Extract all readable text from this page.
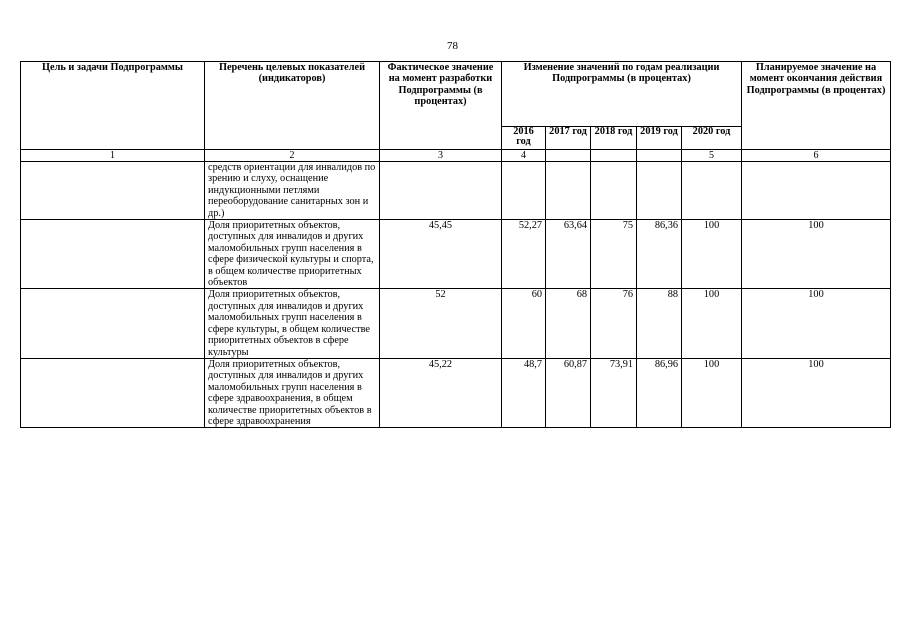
78
Цель и задачи Подпрограммы	Перечень целевых показателей (индикаторов)	Фактическое значение на момент разработки Подпрограммы (в процентах)	Изменение значений по годам реализации Подпрограммы (в процентах)					Планируемое значение на момент окончания действия Подпрограммы (в процентах)
			2016 год	2017 год	2018 год	2019 год	2020 год	
1	2	3	4				5	6
	средств ориентации для инвалидов по зрению и слуху, оснащение индукционными петлями переоборудование санитарных зон и др.)							
	Доля приоритетных объектов, доступных для инвалидов и других маломобильных групп населения в сфере физической культуры и спорта, в общем количестве приоритетных объектов	45,45	52,27	63,64	75	86,36	100	100
	Доля приоритетных объектов, доступных для инвалидов и других маломобильных групп населения в сфере культуры, в общем количестве приоритетных объектов в сфере культуры	52	60	68	76	88	100	100
	Доля приоритетных объектов, доступных для инвалидов и других маломобильных групп населения в сфере здравоохранения, в общем количестве приоритетных объектов в сфере здравоохранения	45,22	48,7	60,87	73,91	86,96	100	100
